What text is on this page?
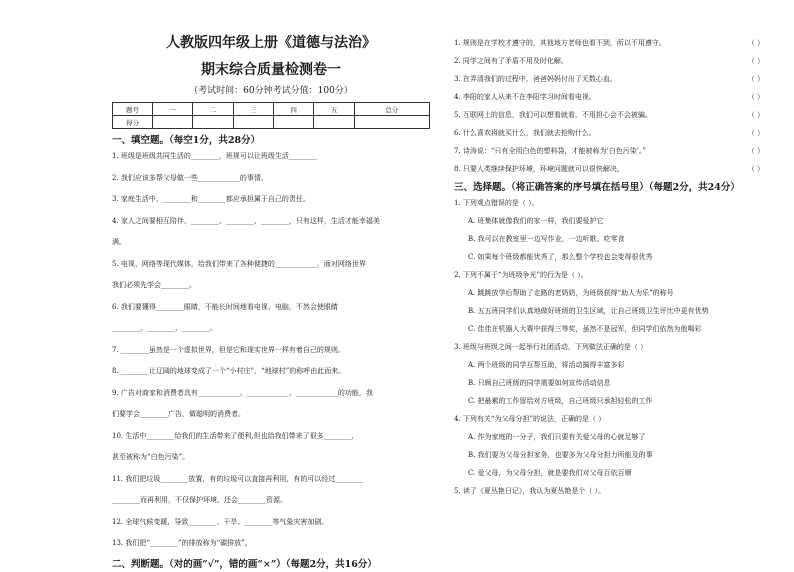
人教版四年级上册《道德与法治》
期末综合质量检测卷一
（考试时间：60分钟考试分值：100分）
题号	一	二	三	四	五	总分
得分						
一、填空题。（每空1分，共28分）
1. 班级是班级共同生活的________，班规可以让班级生活________
2. 我们应该多帮父母做一些____________的事情。
3. 家庭生活中，________和________都应承担属于自己的责任。
4. 家人之间要相互陪伴、________、________、________，只有这样，生活才能幸福美
满。
5. 电视、网络等现代媒体，给我们带来了各种便捷的____________，面对网络世界
我们必须先学会________。
6. 我们要懂得________眼睛，不能长时间地看电视、电脑，不然会使眼睛
________、________、________。
7. ________虽然是一个虚拟世界，但是它和现实世界一样有着自己的规则。
8. ________让辽阔的地球变成了一个“小村庄”，“地球村”的称呼由此而来。
9. 广告对商家和消费者具有____________、____________、____________的功能，我
们要学会________广告，做聪明的消费者。
10. 生活中________给我们的生活带来了便利,但也给我们带来了很多________，
甚至被称为“白色污染”。
11. 我们把垃圾________放置，有的垃圾可以直接再利用，有的可以经过________
________而再利用，不仅保护环境，还会________资源。
12. 全球气候变暖，导致________、干旱、________等气象灾害加剧。
13. 我们把“________”的排放称为“碳排放”。
二、判断题。（对的画“√”，错的画“×”）（每题2分，共16分）
1. 规则是在学校才遵守的，其他地方老师也看不到，所以不用遵守。	（ ）
2. 同学之间有了矛盾不用及时化解。	（ ）
3. 在弄清我们的过程中，爸爸妈妈付出了无数心血。	（ ）
4. 李阳的家人从来不在李阳学习时间看电视。	（ ）
5. 互联网上的信息，我们可以想看就看，不用担心会不会被骗。	（ ）
6. 什么喜欢将就买什么，我们就去抢购什么。	（ ）
7. 诗涛说：“只有全用白色的塑料袋，才能被称为‘白色污染’。”	（ ）
8. 只要人类继续保护环境，环境问题就可以很快解决。	（ ）
三、选择题。（将正确答案的序号填在括号里）（每题2分，共24分）
1. 下列观点错误的是（ ）。
A. 班集体就像我们的家一样，我们要爱护它
B. 我可以在教室里一边写作业，一边听歌、吃零食
C. 如果每个班级都能优秀了，那么整个学校也会变得很优秀
2. 下列不属于“为班级争光”的行为是（ ）。
A. 跳跳放学后帮助了走路的老奶奶，为班级获得“助人为乐”的称号
B. 五五班同学们认真地做好班级的卫生区域，让自己班级卫生评比中更有优势
C. 佳佳在机器人大赛中获得三等奖，虽然不是冠军，但同学们依然为他喝彩
3. 班级与班级之间一起举行社团活动，下列做法正确的是（ ）
A. 两个班级的同学互帮互助，将活动搞得丰富多彩
B. 只顾自己班级的同学需要如何宣传活动信息
C. 把最累的工作留给对方班级，自己班级只承担轻松的工作
4. 下列有关“为父母分担”的说法，正确的是（ ）
A. 作为家庭的一分子，我们只要有关爱父母的心就足够了
B. 我们要为父母分担家务，也要多为父母分担力所能及的事
C. 爱父母，为父母分担，就是要我们对父母百依百顺
5. 读了《夏丛艳日记》，我认为夏丛艳是个（ ）。
